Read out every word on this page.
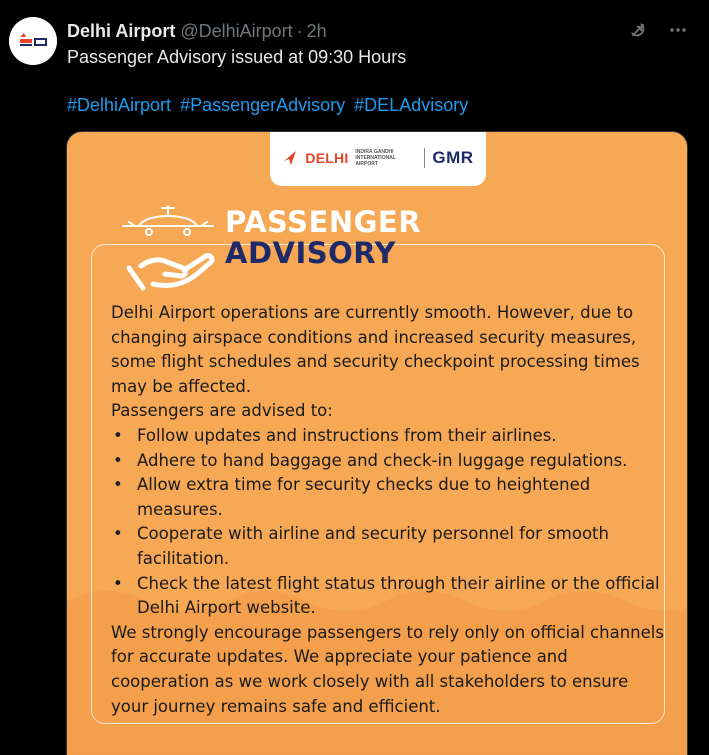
Delhi Airport @DelhiAirport · 2h
Passenger Advisory issued at 09:30 Hours
#DelhiAirport #PassengerAdvisory #DELAdvisory
DELHI INDIRA GANDHI INTERNATIONAL AIRPORT	GMR
PASSENGER
ADVISORY

Delhi Airport operations are currently smooth. However, due to changing airspace conditions and increased security measures, some flight schedules and security checkpoint processing times may be affected.

Passengers are advised to:

• Follow updates and instructions from their airlines.
• Adhere to hand baggage and check-in luggage regulations.
• Allow extra time for security checks due to heightened measures.
• Cooperate with airline and security personnel for smooth facilitation.
• Check the latest flight status through their airline or the official Delhi Airport website.

We strongly encourage passengers to rely only on official channels for accurate updates. We appreciate your patience and cooperation as we work closely with all stakeholders to ensure your journey remains safe and efficient.
